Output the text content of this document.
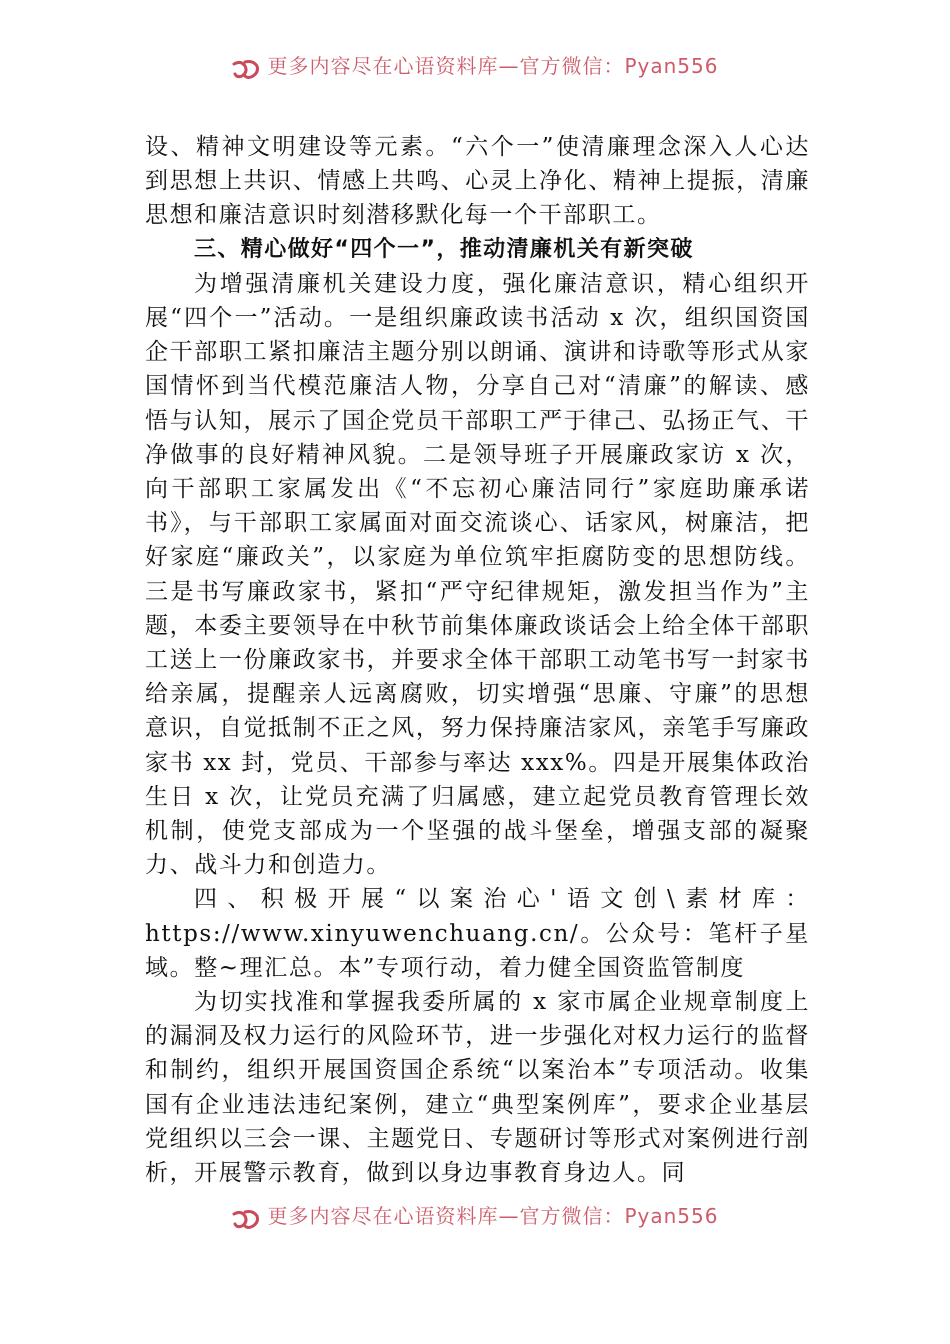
更多内容尽在心语资料库—官方微信：Pyan556

设、精神文明建设等元素。“六个一”使清廉理念深入人心达到思想上共识、情感上共鸣、心灵上净化、精神上提振，清廉思想和廉洁意识时刻潜移默化每一个干部职工。

三、精心做好“四个一”，推动清廉机关有新突破

为增强清廉机关建设力度，强化廉洁意识，精心组织开展“四个一”活动。一是组织廉政读书活动 x 次，组织国资国企干部职工紧扣廉洁主题分别以朗诵、演讲和诗歌等形式从家国情怀到当代模范廉洁人物，分享自己对“清廉”的解读、感悟与认知，展示了国企党员干部职工严于律己、弘扬正气、干净做事的良好精神风貌。二是领导班子开展廉政家访 x 次，向干部职工家属发出《“不忘初心廉洁同行”家庭助廉承诺书》，与干部职工家属面对面交流谈心、话家风，树廉洁，把好家庭“廉政关”，以家庭为单位筑牢拒腐防变的思想防线。三是书写廉政家书，紧扣“严守纪律规矩，激发担当作为”主题，本委主要领导在中秋节前集体廉政谈话会上给全体干部职工送上一份廉政家书，并要求全体干部职工动笔书写一封家书给亲属，提醒亲人远离腐败，切实增强“思廉、守廉”的思想意识，自觉抵制不正之风，努力保持廉洁家风，亲笔手写廉政家书 xx 封，党员、干部参与率达 xxx%。四是开展集体政治生日 x 次，让党员充满了归属感，建立起党员教育管理长效机制，使党支部成为一个坚强的战斗堡垒，增强支部的凝聚力、战斗力和创造力。

四、积极开展“以案治心'语文创\素材库：https://www.xinyuwenchuang.cn/。公众号：笔杆子星域。整~理汇总。本”专项行动，着力健全国资监管制度

为切实找准和掌握我委所属的 x 家市属企业规章制度上的漏洞及权力运行的风险环节，进一步强化对权力运行的监督和制约，组织开展国资国企系统“以案治本”专项活动。收集国有企业违法违纪案例，建立“典型案例库”，要求企业基层党组织以三会一课、主题党日、专题研讨等形式对案例进行剖析，开展警示教育，做到以身边事教育身边人。同

更多内容尽在心语资料库—官方微信：Pyan556
